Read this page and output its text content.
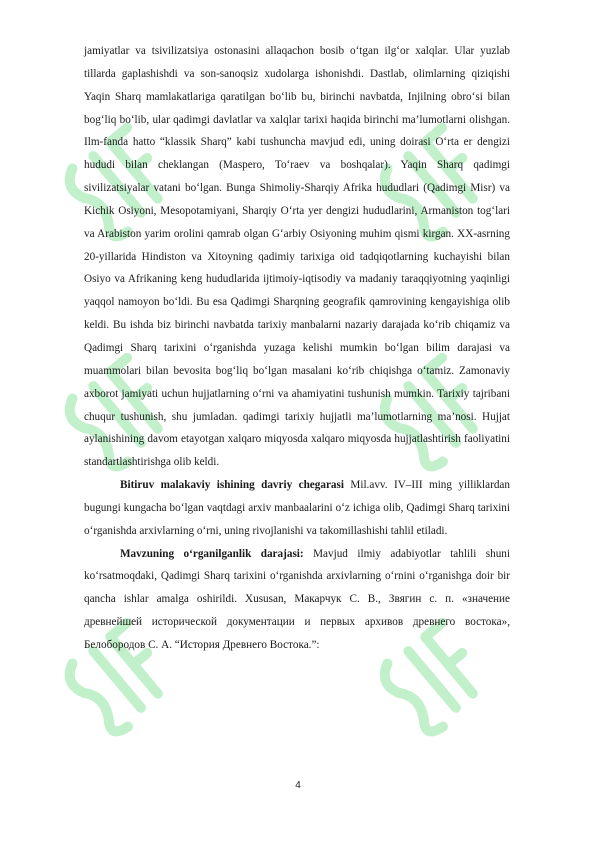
jamiyatlar va tsivilizatsiya ostonasini allaqachon bosib o‘tgan ilg‘or xalqlar. Ular yuzlab tillarda gaplashishdi va son-sanoqsiz xudolarga ishonishdi. Dastlab, olimlarning qiziqishi Yaqin Sharq mamlakatlariga qaratilgan bo‘lib bu, birinchi navbatda, Injilning obro‘si bilan bog‘liq bo‘lib, ular qadimgi davlatlar va xalqlar tarixi haqida birinchi ma’lumotlarni olishgan. Ilm-fanda hatto “klassik Sharq” kabi tushuncha mavjud edi, uning doirasi O‘rta er dengizi hududi bilan cheklangan (Maspero, To‘raev va boshqalar). Yaqin Sharq qadimgi sivilizatsiyalar vatani bo‘lgan. Bunga Shimoliy-Sharqiy Afrika hududlari (Qadimgi Misr) va Kichik Osiyoni, Mesopotamiyani, Sharqiy O‘rta yer dengizi hududlarini, Armaniston tog‘lari va Arabiston yarim orolini qamrab olgan G‘arbiy Osiyoning muhim qismi kirgan. XX-asrning 20-yillarida Hindiston va Xitoyning qadimiy tarixiga oid tadqiqotlarning kuchayishi bilan Osiyo va Afrikaning keng hududlarida ijtimoiy-iqtisodiy va madaniy taraqqiyotning yaqinligi yaqqol namoyon bo‘ldi. Bu esa Qadimgi Sharqning geografik qamrovining kengayishiga olib keldi. Bu ishda biz birinchi navbatda tarixiy manbalarni nazariy darajada ko‘rib chiqamiz va Qadimgi Sharq tarixini o‘rganishda yuzaga kelishi mumkin bo‘lgan bilim darajasi va muammolari bilan bevosita bog‘liq bo‘lgan masalani ko‘rib chiqishga o‘tamiz. Zamonaviy axborot jamiyati uchun hujjatlarning o‘rni va ahamiyatini tushunish mumkin. Tarixiy tajribani chuqur tushunish, shu jumladan. qadimgi tarixiy hujjatli ma’lumotlarning ma’nosi. Hujjat aylanishining davom etayotgan xalqaro miqyosda xalqaro miqyosda hujjatlashtirish faoliyatini standartlashtirishga olib keldi.

Bitiruv malakaviy ishining davriy chegarasi Mil.avv. IV–III ming yilliklardan bugungi kungacha bo‘lgan vaqtdagi arxiv manbaalarini o‘z ichiga olib, Qadimgi Sharq tarixini o‘rganishda arxivlarning o‘rni, uning rivojlanishi va takomillashishi tahlil etiladi.

Mavzuning o‘rganilganlik darajasi: Mavjud ilmiy adabiyotlar tahlili shuni ko‘rsatmoqdaki, Qadimgi Sharq tarixini o‘rganishda arxivlarning o‘rnini o‘rganishga doir bir qancha ishlar amalga oshirildi. Xususan, Макарчук С. В., Звягин с. п. «значение древнейшей исторической документации и первых архивов древнего востока», Белобородов С. А. “История Древнего Востока.”:

4
